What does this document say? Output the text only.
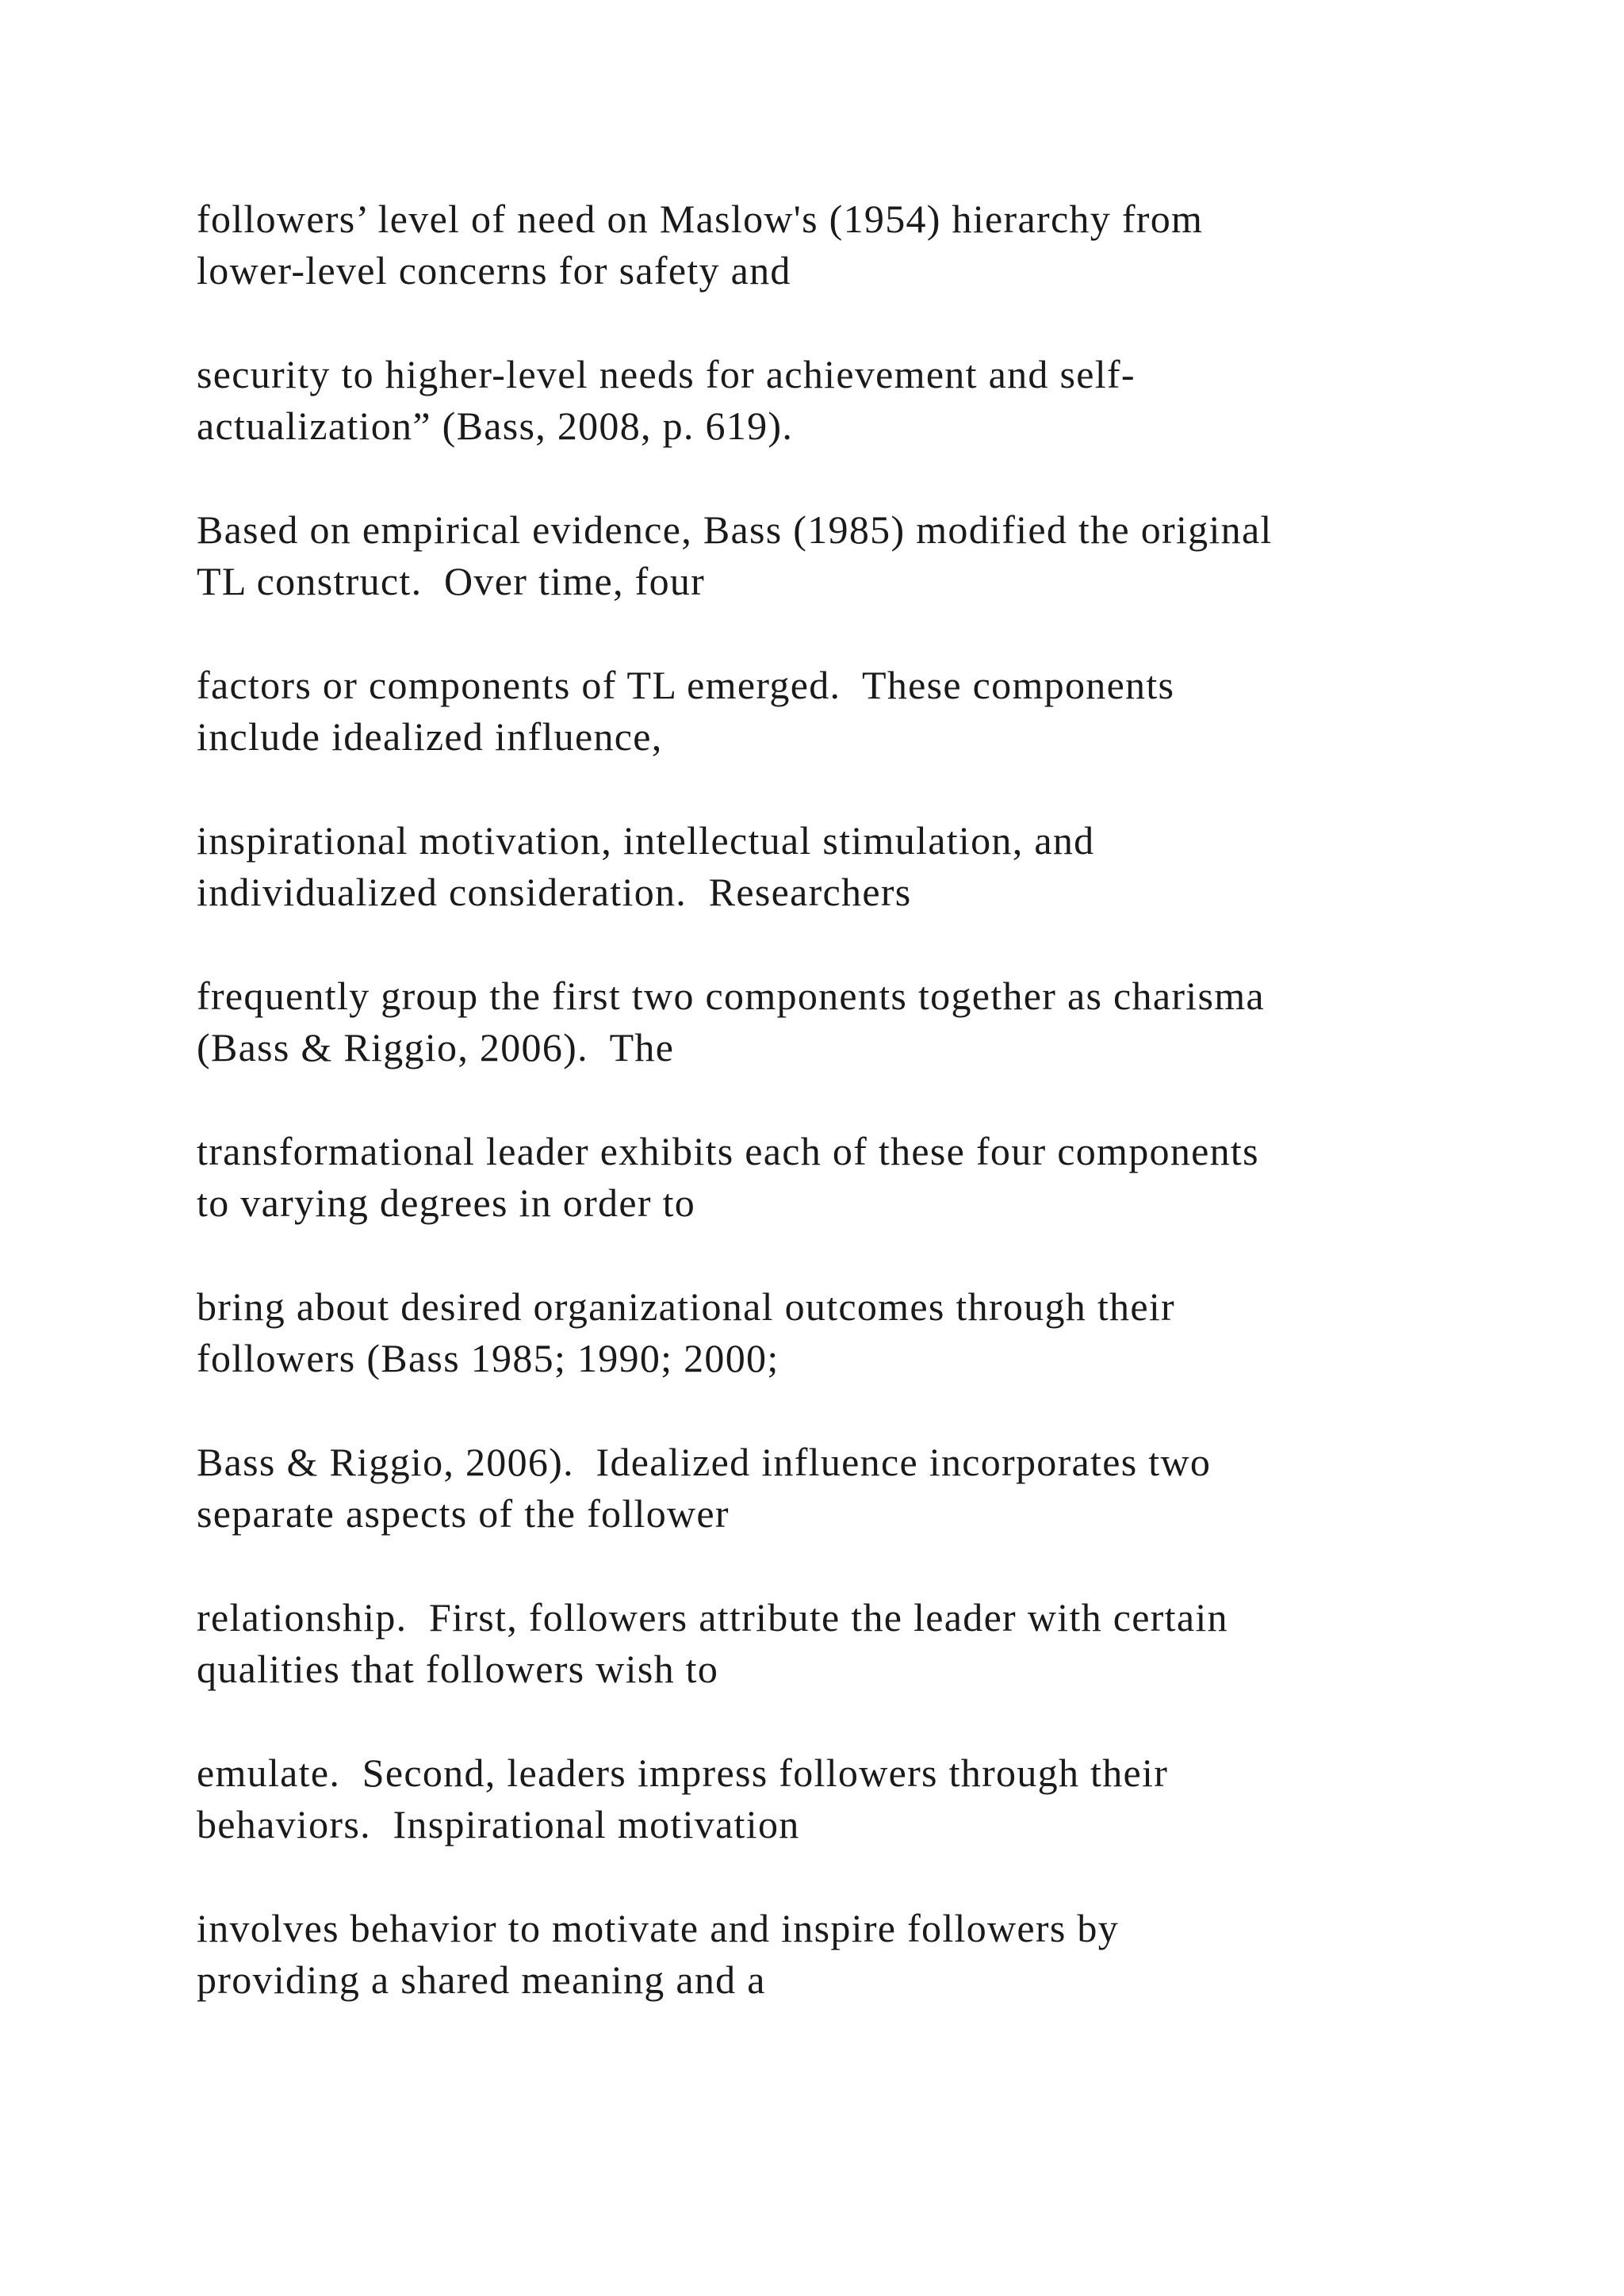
followers’ level of need on Maslow's (1954) hierarchy from
lower-level concerns for safety and

security to higher-level needs for achievement and self-
actualization” (Bass, 2008, p. 619).

Based on empirical evidence, Bass (1985) modified the original
TL construct.  Over time, four

factors or components of TL emerged.  These components
include idealized influence,

inspirational motivation, intellectual stimulation, and
individualized consideration.  Researchers

frequently group the first two components together as charisma
(Bass & Riggio, 2006).  The

transformational leader exhibits each of these four components
to varying degrees in order to

bring about desired organizational outcomes through their
followers (Bass 1985; 1990; 2000;

Bass & Riggio, 2006).  Idealized influence incorporates two
separate aspects of the follower

relationship.  First, followers attribute the leader with certain
qualities that followers wish to

emulate.  Second, leaders impress followers through their
behaviors.  Inspirational motivation

involves behavior to motivate and inspire followers by
providing a shared meaning and a
